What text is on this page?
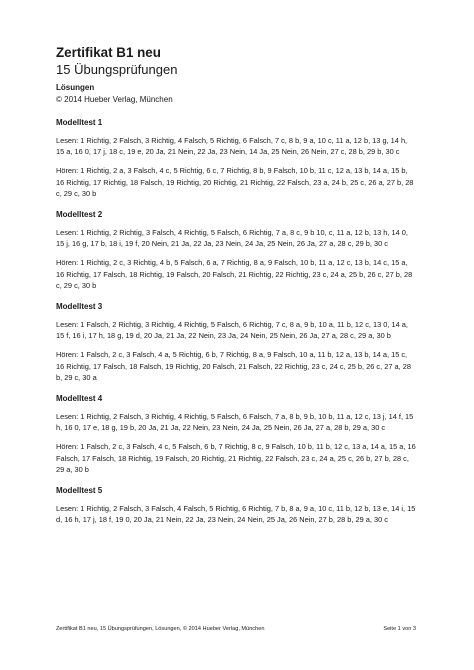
Zertifikat B1 neu
15 Übungsprüfungen
Lösungen
© 2014 Hueber Verlag, München
Modelltest 1

Lesen: 1 Richtig, 2 Falsch, 3 Richtig, 4 Falsch, 5 Richtig, 6 Falsch, 7 c, 8 b, 9 a, 10 c, 11 a, 12 b, 13 g, 14 h, 15 a, 16 0, 17 j, 18 c, 19 e, 20 Ja, 21 Nein, 22 Ja, 23 Nein, 14 Ja, 25 Nein, 26 Nein, 27 c, 28 b, 29 b, 30 c

Hören: 1 Richtig, 2 a, 3 Falsch, 4 c, 5 Richtig, 6 c, 7 Richtig, 8 b, 9 Falsch, 10 b, 11 c, 12 a, 13 b, 14 a, 15 b, 16 Richtig, 17 Richtig, 18 Falsch, 19 Richtig, 20 Richtig, 21 Richtig, 22 Falsch, 23 a, 24 b, 25 c, 26 a, 27 b, 28 c, 29 c, 30 b

Modelltest 2

Lesen: 1 Richtig, 2 Richtig, 3 Falsch, 4 Richtig, 5 Falsch, 6 Richtig, 7 a, 8 c, 9 b 10, c, 11 a, 12 b, 13 h, 14 0, 15 j, 16 g, 17 b, 18 i, 19 f, 20 Nein, 21 Ja, 22 Ja, 23 Nein, 24 Ja, 25 Nein, 26 Ja, 27 a, 28 c, 29 b, 30 c

Hören: 1 Richtig, 2 c, 3 Richtig, 4 b, 5 Falsch, 6 a, 7 Richtig, 8 a, 9 Falsch, 10 b, 11 a, 12 c, 13 b, 14 c, 15 a, 16 Richtig, 17 Falsch, 18 Richtig, 19 Falsch, 20 Falsch, 21 Richtig, 22 Richtig, 23 c, 24 a, 25 b, 26 c, 27 b, 28 c, 29 c, 30 b

Modelltest 3

Lesen: 1 Falsch, 2 Richtig, 3 Richtig, 4 Richtig, 5 Falsch, 6 Richtig, 7 c, 8 a, 9 b, 10 a, 11 b, 12 c, 13 0, 14 a, 15 f, 16 i, 17 h, 18 g, 19 d, 20 Ja, 21 Ja, 22 Nein, 23 Ja, 24 Nein, 25 Nein, 26 Ja, 27 a, 28 c, 29 a, 30 b

Hören: 1 Falsch, 2 c, 3 Falsch, 4 a, 5 Richtig, 6 b, 7 Richtig, 8 a, 9 Falsch, 10 a, 11 b, 12 a, 13 b, 14 a, 15 c, 16 Richtig, 17 Falsch, 18 Falsch, 19 Richtig, 20 Falsch, 21 Falsch, 22 Richtig, 23 c, 24 c, 25 b, 26 c, 27 a, 28 b, 29 c, 30 a

Modelltest 4

Lesen: 1 Richtig, 2 Falsch, 3 Richtig, 4 Richtig, 5 Falsch, 6 Falsch, 7 a, 8 b, 9 b, 10 b, 11 a, 12 c, 13 j, 14 f, 15 h, 16 0, 17 e, 18 g, 19 b, 20 Ja, 21 Ja, 22 Nein, 23 Nein, 24 Ja, 25 Nein, 26 Ja, 27 a, 28 b, 29 a, 30 c

Hören: 1 Falsch, 2 c, 3 Falsch, 4 c, 5 Falsch, 6 b, 7 Richtig, 8 c, 9 Falsch, 10 b, 11 b, 12 c, 13 a, 14 a, 15 a, 16 Falsch, 17 Falsch, 18 Richtig, 19 Falsch, 20 Richtig, 21 Richtig, 22 Falsch, 23 c, 24 a, 25 c, 26 b, 27 b, 28 c, 29 a, 30 b

Modelltest 5

Lesen: 1 Richtig, 2 Falsch, 3 Falsch, 4 Falsch, 5 Richtig, 6 Richtig, 7 b, 8 a, 9 a, 10 c, 11 b, 12 b, 13 e, 14 i, 15 d, 16 h, 17 j, 18 f, 19 0, 20 Ja, 21 Nein, 22 Ja, 23 Nein, 24 Nein, 25 Ja, 26 Nein, 27 b, 28 b, 29 a, 30 c

Zertifikat B1 neu, 15 Übungsprüfungen, Lösungen, © 2014 Hueber Verlag, München	Seite 1 von 3
